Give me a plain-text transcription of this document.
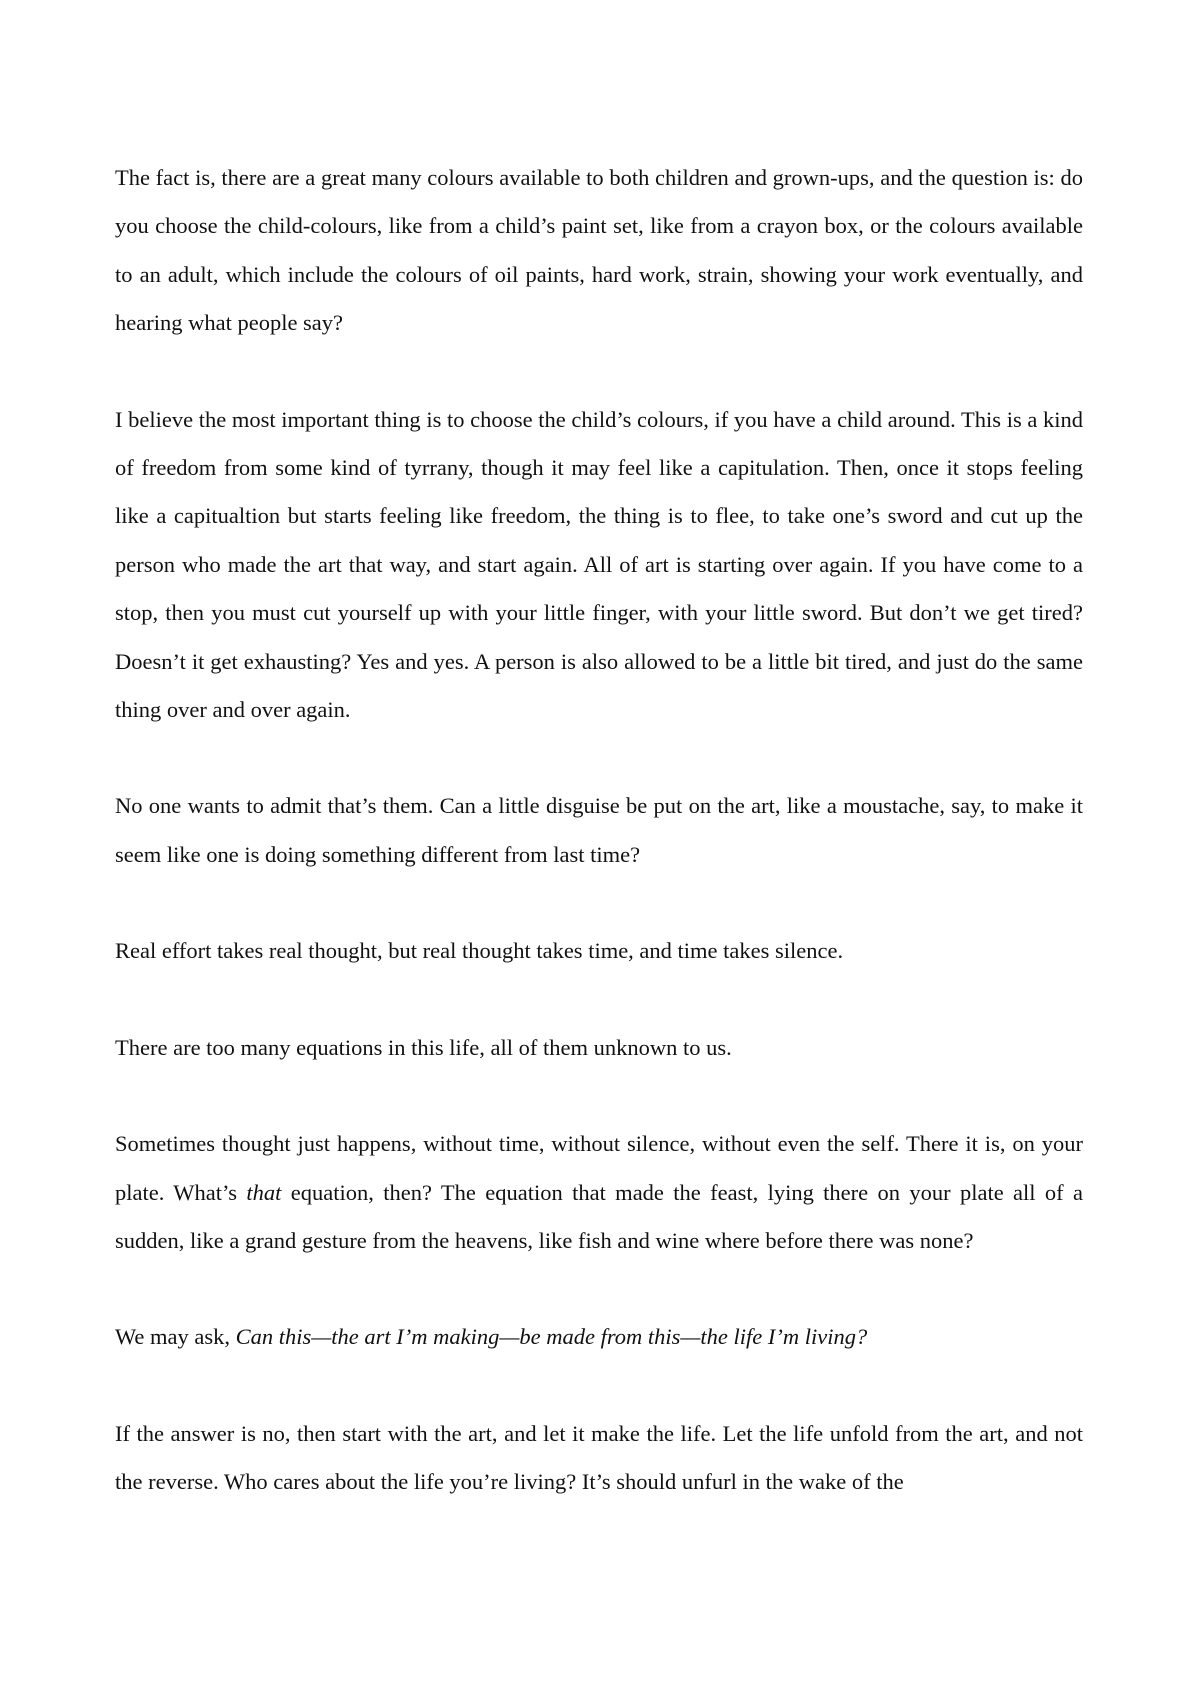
The fact is, there are a great many colours available to both children and grown-ups, and the question is: do you choose the child-colours, like from a child’s paint set, like from a crayon box, or the colours available to an adult, which include the colours of oil paints, hard work, strain, showing your work eventually, and hearing what people say?

I believe the most important thing is to choose the child’s colours, if you have a child around. This is a kind of freedom from some kind of tyrrany, though it may feel like a capitulation. Then, once it stops feeling like a capitualtion but starts feeling like freedom, the thing is to flee, to take one’s sword and cut up the person who made the art that way, and start again. All of art is starting over again. If you have come to a stop, then you must cut yourself up with your little finger, with your little sword. But don’t we get tired? Doesn’t it get exhausting? Yes and yes. A person is also allowed to be a little bit tired, and just do the same thing over and over again.

No one wants to admit that’s them. Can a little disguise be put on the art, like a moustache, say, to make it seem like one is doing something different from last time?

Real effort takes real thought, but real thought takes time, and time takes silence.

There are too many equations in this life, all of them unknown to us.

Sometimes thought just happens, without time, without silence, without even the self. There it is, on your plate. What’s that equation, then? The equation that made the feast, lying there on your plate all of a sudden, like a grand gesture from the heavens, like fish and wine where before there was none?

We may ask, Can this—the art I’m making—be made from this—the life I’m living?

If the answer is no, then start with the art, and let it make the life. Let the life unfold from the art, and not the reverse. Who cares about the life you’re living? It’s should unfurl in the wake of the
